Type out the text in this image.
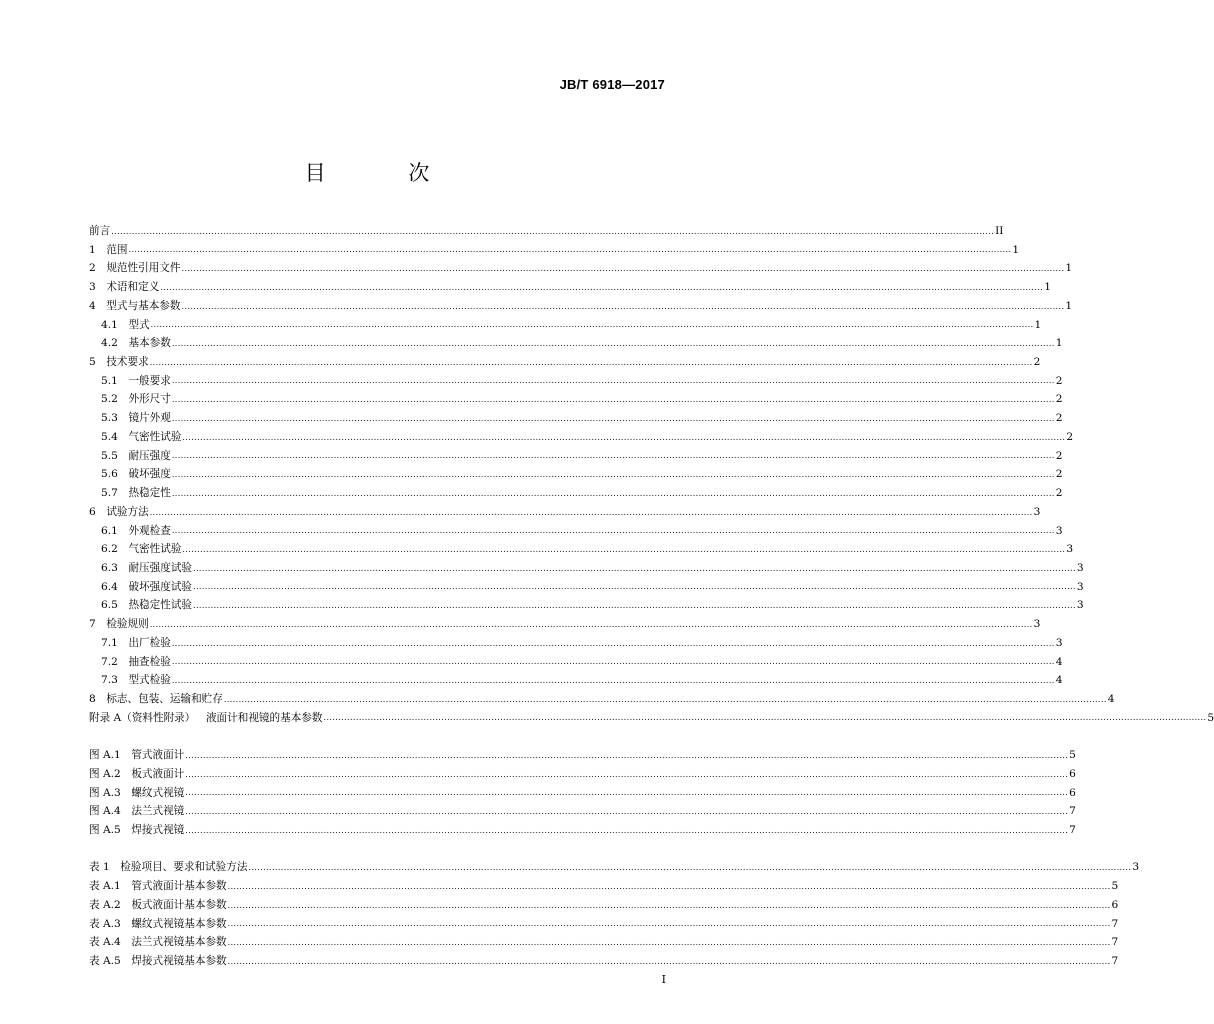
JB/T 6918—2017
目 次
前言 ............................................................................................................................................................................................................................................................................................................ II
1 范围 ............................................................................................................................................................................................................................................................................................................ 1
2 规范性引用文件 ............................................................................................................................................................................................................................................................................................................ 1
3 术语和定义 ............................................................................................................................................................................................................................................................................................................ 1
4 型式与基本参数 ............................................................................................................................................................................................................................................................................................................ 1
4.1 型式 ............................................................................................................................................................................................................................................................................................................ 1
4.2 基本参数 ............................................................................................................................................................................................................................................................................................................ 1
5 技术要求 ............................................................................................................................................................................................................................................................................................................ 2
5.1 一般要求 ............................................................................................................................................................................................................................................................................................................ 2
5.2 外形尺寸 ............................................................................................................................................................................................................................................................................................................ 2
5.3 镜片外观 ............................................................................................................................................................................................................................................................................................................ 2
5.4 气密性试验 ............................................................................................................................................................................................................................................................................................................ 2
5.5 耐压强度 ............................................................................................................................................................................................................................................................................................................ 2
5.6 破坏强度 ............................................................................................................................................................................................................................................................................................................ 2
5.7 热稳定性 ............................................................................................................................................................................................................................................................................................................ 2
6 试验方法 ............................................................................................................................................................................................................................................................................................................ 3
6.1 外观检查 ............................................................................................................................................................................................................................................................................................................ 3
6.2 气密性试验 ............................................................................................................................................................................................................................................................................................................ 3
6.3 耐压强度试验 ............................................................................................................................................................................................................................................................................................................ 3
6.4 破坏强度试验 ............................................................................................................................................................................................................................................................................................................ 3
6.5 热稳定性试验 ............................................................................................................................................................................................................................................................................................................ 3
7 检验规则 ............................................................................................................................................................................................................................................................................................................ 3
7.1 出厂检验 ............................................................................................................................................................................................................................................................................................................ 3
7.2 抽查检验 ............................................................................................................................................................................................................................................................................................................ 4
7.3 型式检验 ............................................................................................................................................................................................................................................................................................................ 4
8 标志、包装、运输和贮存 ............................................................................................................................................................................................................................................................................................................ 4
附录 A（资料性附录） 液面计和视镜的基本参数 ............................................................................................................................................................................................................................................................................................................ 5
图 A.1 管式液面计 ............................................................................................................................................................................................................................................................................................................ 5
图 A.2 板式液面计 ............................................................................................................................................................................................................................................................................................................ 6
图 A.3 螺纹式视镜 ............................................................................................................................................................................................................................................................................................................ 6
图 A.4 法兰式视镜 ............................................................................................................................................................................................................................................................................................................ 7
图 A.5 焊接式视镜 ............................................................................................................................................................................................................................................................................................................ 7
表 1 检验项目、要求和试验方法 ............................................................................................................................................................................................................................................................................................................ 3
表 A.1 管式液面计基本参数 ............................................................................................................................................................................................................................................................................................................ 5
表 A.2 板式液面计基本参数 ............................................................................................................................................................................................................................................................................................................ 6
表 A.3 螺纹式视镜基本参数 ............................................................................................................................................................................................................................................................................................................ 7
表 A.4 法兰式视镜基本参数 ............................................................................................................................................................................................................................................................................................................ 7
表 A.5 焊接式视镜基本参数 ............................................................................................................................................................................................................................................................................................................ 7
I
